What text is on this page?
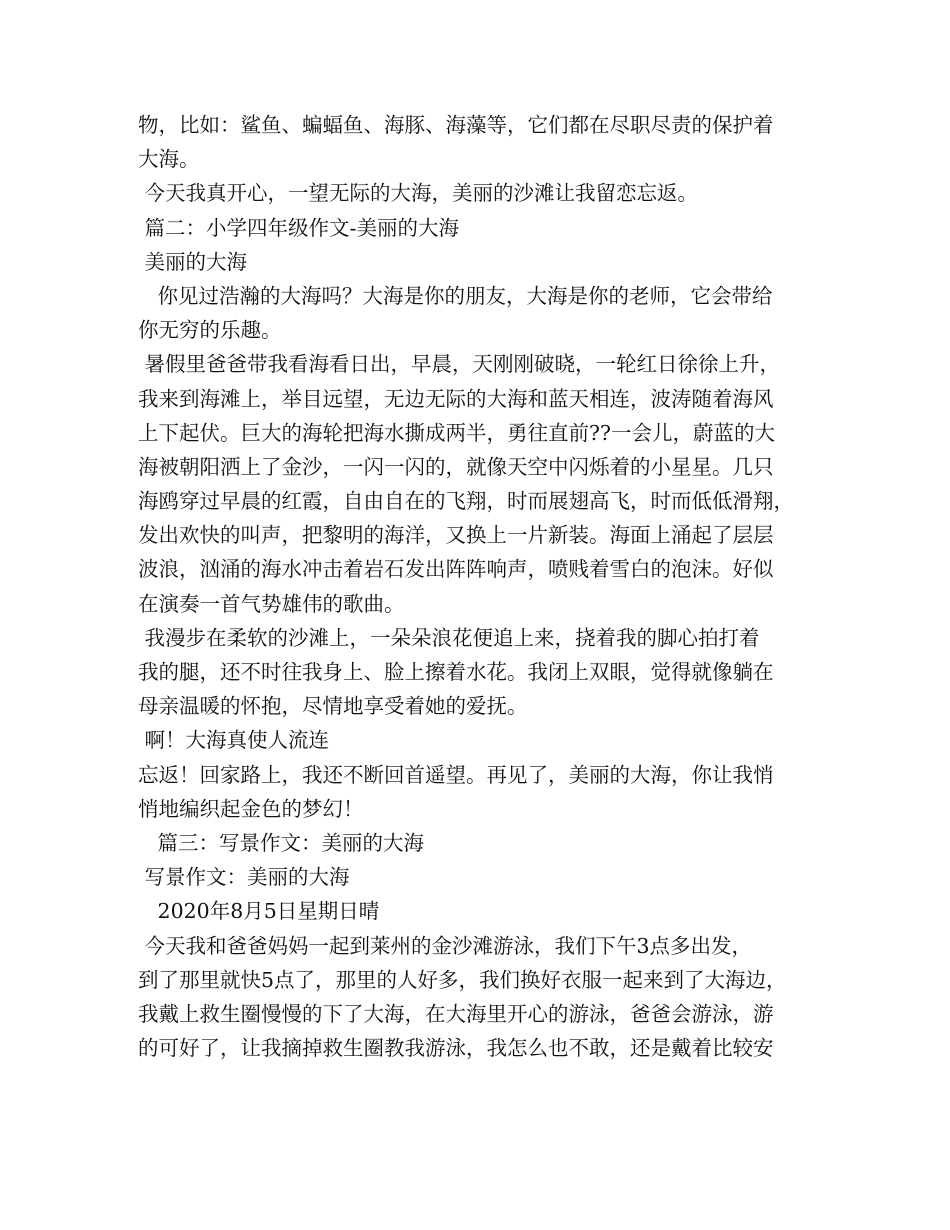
物，比如：鲨鱼、蝙蝠鱼、海豚、海藻等，它们都在尽职尽责的保护着
大海。
今天我真开心，一望无际的大海，美丽的沙滩让我留恋忘返。
篇二：小学四年级作文-美丽的大海
美丽的大海
你见过浩瀚的大海吗？大海是你的朋友，大海是你的老师，它会带给
你无穷的乐趣。
暑假里爸爸带我看海看日出，早晨，天刚刚破晓，一轮红日徐徐上升，
我来到海滩上，举目远望，无边无际的大海和蓝天相连，波涛随着海风
上下起伏。巨大的海轮把海水撕成两半，勇往直前??一会儿，蔚蓝的大
海被朝阳洒上了金沙，一闪一闪的，就像天空中闪烁着的小星星。几只
海鸥穿过早晨的红霞，自由自在的飞翔，时而展翅高飞，时而低低滑翔，
发出欢快的叫声，把黎明的海洋，又换上一片新装。海面上涌起了层层
波浪，汹涌的海水冲击着岩石发出阵阵响声，喷贱着雪白的泡沫。好似
在演奏一首气势雄伟的歌曲。
我漫步在柔软的沙滩上，一朵朵浪花便追上来，挠着我的脚心拍打着
我的腿，还不时往我身上、脸上擦着水花。我闭上双眼，觉得就像躺在
母亲温暖的怀抱，尽情地享受着她的爱抚。
啊！大海真使人流连
忘返！回家路上，我还不断回首遥望。再见了，美丽的大海，你让我悄
悄地编织起金色的梦幻！
篇三：写景作文：美丽的大海
写景作文：美丽的大海
2020年8月5日星期日晴
今天我和爸爸妈妈一起到莱州的金沙滩游泳，我们下午3点多出发，
到了那里就快5点了，那里的人好多，我们换好衣服一起来到了大海边，
我戴上救生圈慢慢的下了大海，在大海里开心的游泳，爸爸会游泳，游
的可好了，让我摘掉救生圈教我游泳，我怎么也不敢，还是戴着比较安
